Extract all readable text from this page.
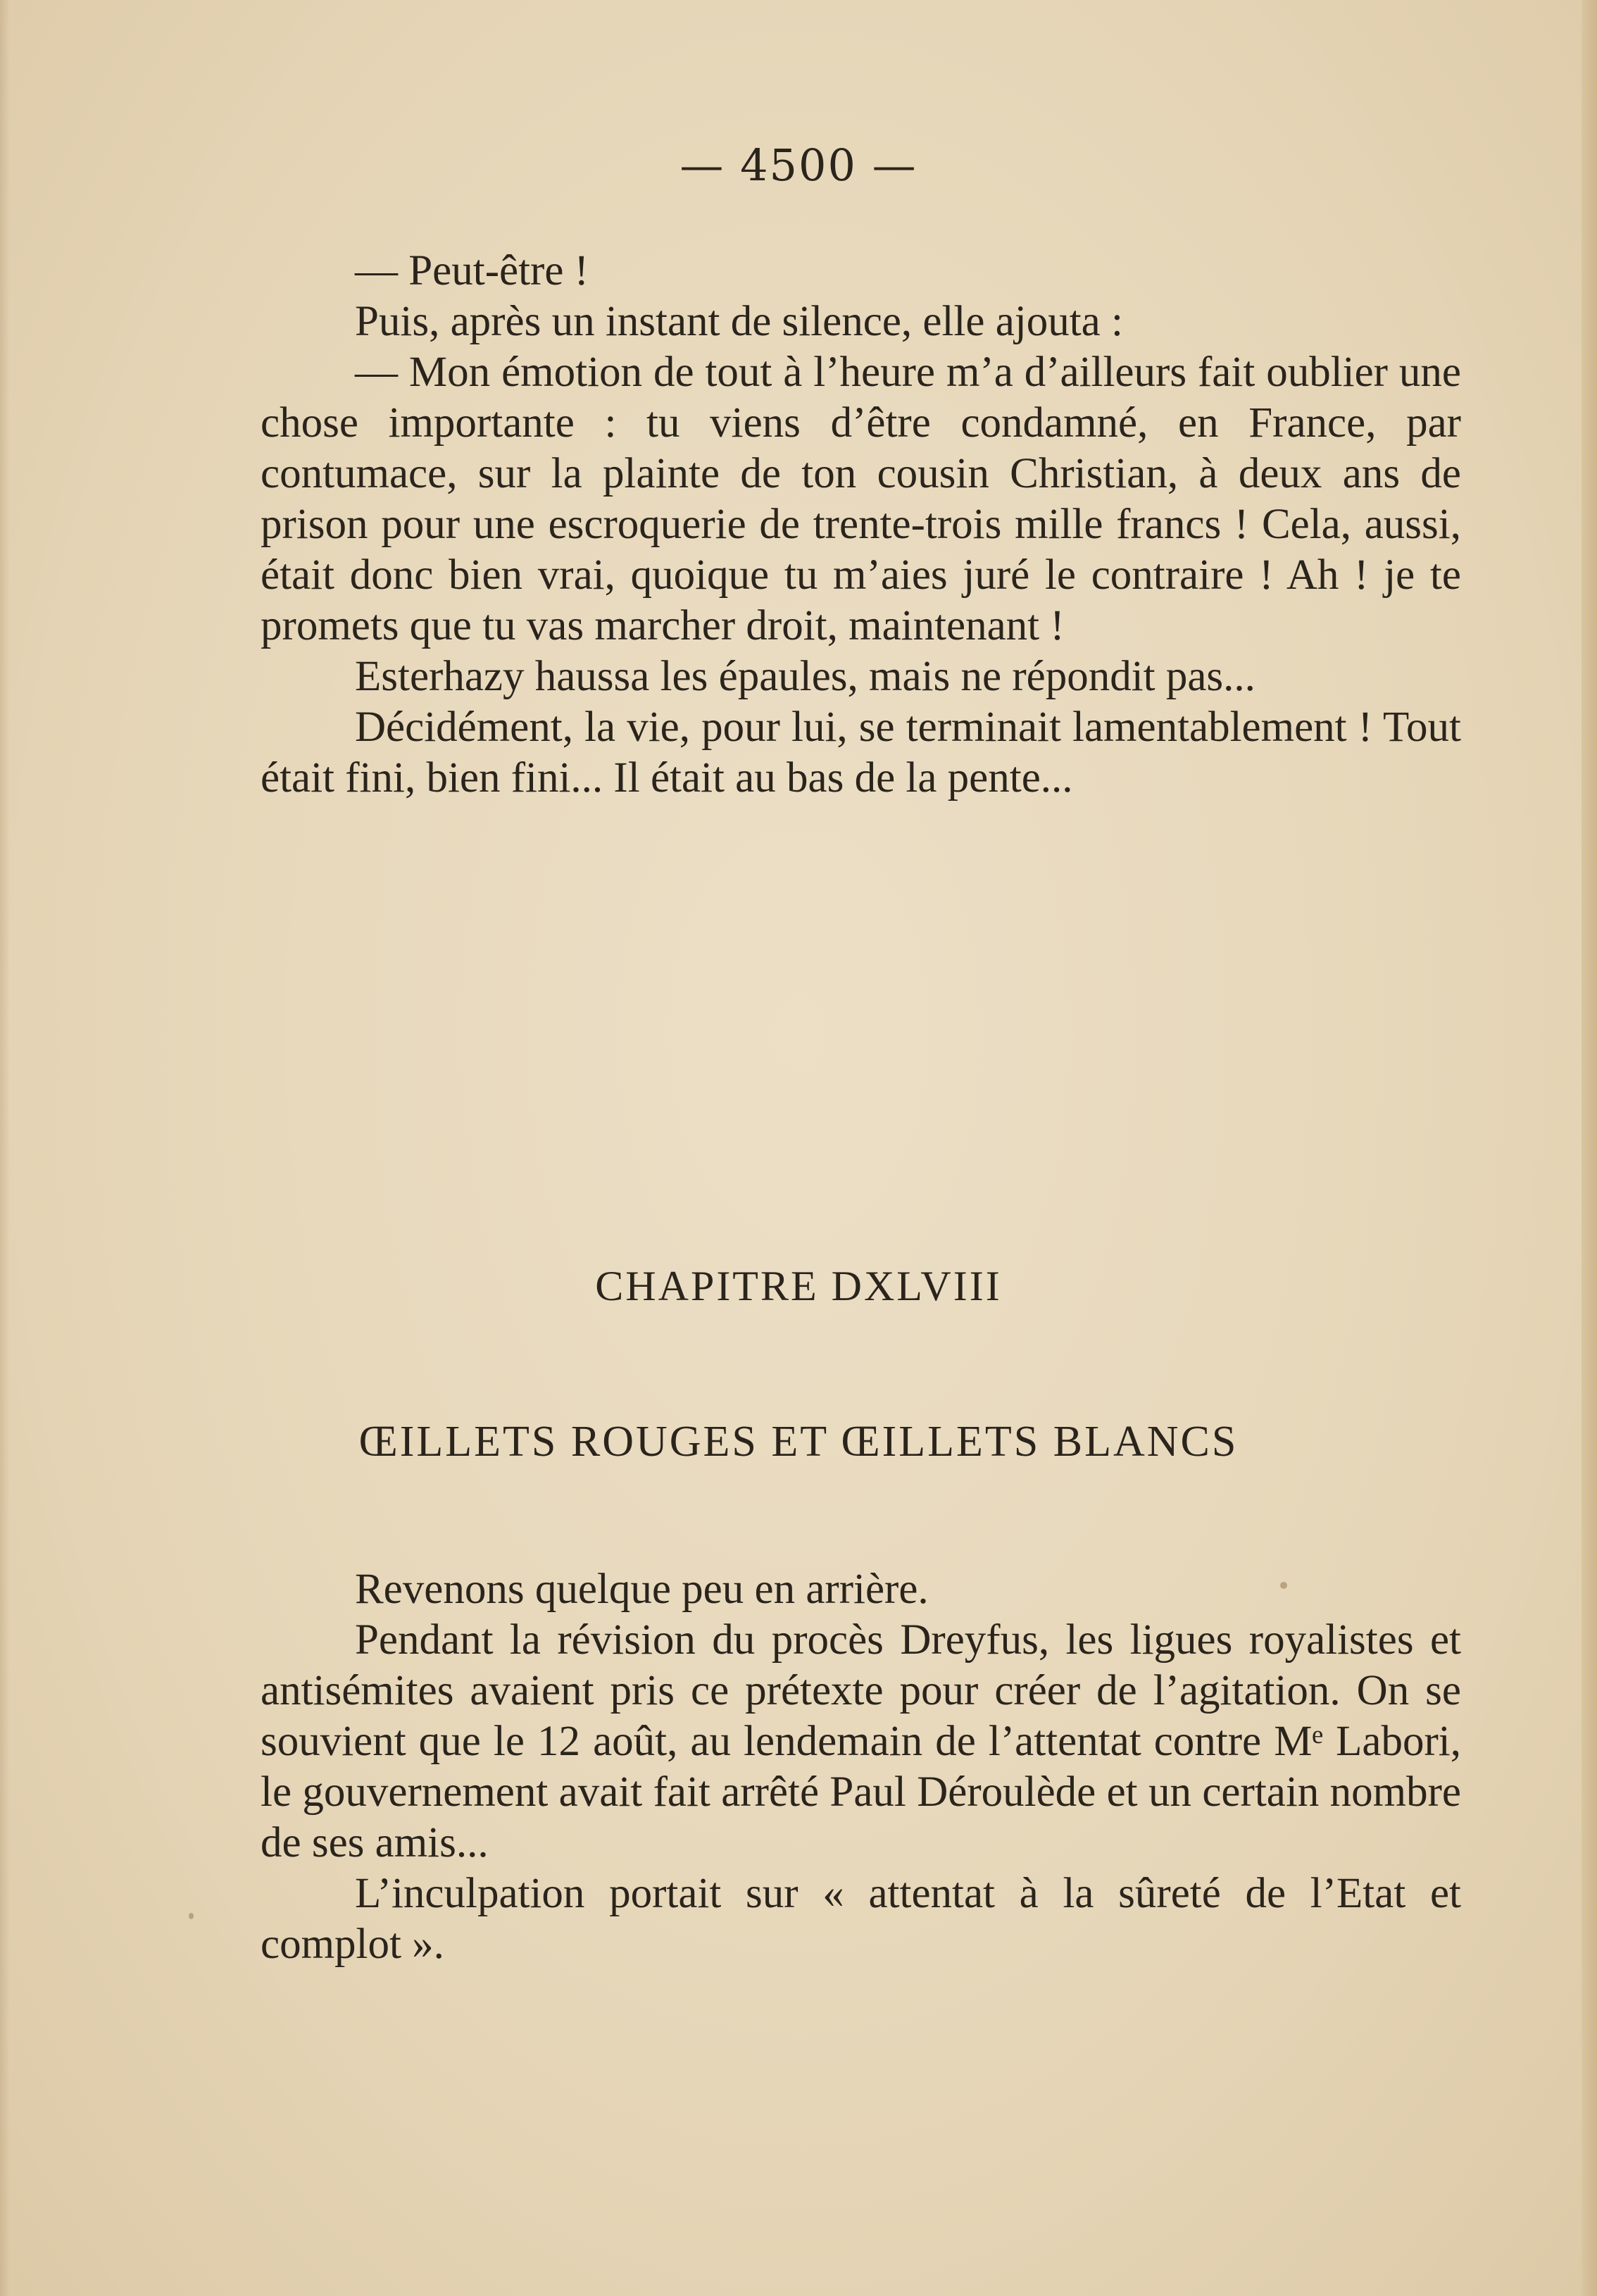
— 4500 —

— Peut-être !

Puis, après un instant de silence, elle ajouta :

— Mon émotion de tout à l’heure m’a d’ailleurs fait oublier une chose importante : tu viens d’être condamné, en France, par contumace, sur la plainte de ton cousin Christian, à deux ans de prison pour une escroquerie de trente-trois mille francs ! Cela, aussi, était donc bien vrai, quoique tu m’aies juré le contraire ! Ah ! je te promets que tu vas marcher droit, maintenant !

Esterhazy haussa les épaules, mais ne répondit pas...

Décidément, la vie, pour lui, se terminait lamentablement ! Tout était fini, bien fini... Il était au bas de la pente...

CHAPITRE DXLVIII
ŒILLETS ROUGES ET ŒILLETS BLANCS

Revenons quelque peu en arrière.

Pendant la révision du procès Dreyfus, les ligues royalistes et antisémites avaient pris ce prétexte pour créer de l’agitation. On se souvient que le 12 août, au lendemain de l’attentat contre Mᵉ Labori, le gouvernement avait fait arrêté Paul Déroulède et un certain nombre de ses amis...

L’inculpation portait sur « attentat à la sûreté de l’Etat et complot ».
